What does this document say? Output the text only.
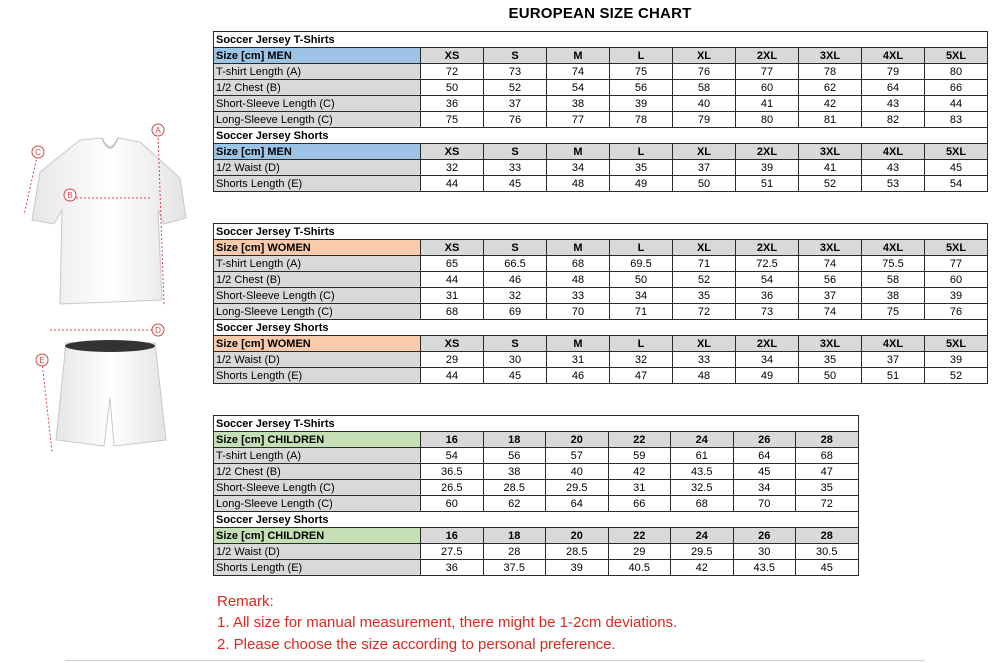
EUROPEAN SIZE CHART
C
A
B
D
E
Soccer Jersey T-Shirts									
Size [cm] MEN	XS	S	M	L	XL	2XL	3XL	4XL	5XL
T-shirt Length (A)	72	73	74	75	76	77	78	79	80
1/2 Chest (B)	50	52	54	56	58	60	62	64	66
Short-Sleeve Length (C)	36	37	38	39	40	41	42	43	44
Long-Sleeve Length (C)	75	76	77	78	79	80	81	82	83
Soccer Jersey Shorts									
Size [cm] MEN	XS	S	M	L	XL	2XL	3XL	4XL	5XL
1/2 Waist (D)	32	33	34	35	37	39	41	43	45
Shorts Length (E)	44	45	48	49	50	51	52	53	54
Soccer Jersey T-Shirts									
Size [cm] WOMEN	XS	S	M	L	XL	2XL	3XL	4XL	5XL
T-shirt Length (A)	65	66.5	68	69.5	71	72.5	74	75.5	77
1/2 Chest (B)	44	46	48	50	52	54	56	58	60
Short-Sleeve Length (C)	31	32	33	34	35	36	37	38	39
Long-Sleeve Length (C)	68	69	70	71	72	73	74	75	76
Soccer Jersey Shorts									
Size [cm] WOMEN	XS	S	M	L	XL	2XL	3XL	4XL	5XL
1/2 Waist (D)	29	30	31	32	33	34	35	37	39
Shorts Length (E)	44	45	46	47	48	49	50	51	52
Soccer Jersey T-Shirts							
Size [cm] CHILDREN	16	18	20	22	24	26	28
T-shirt Length (A)	54	56	57	59	61	64	68
1/2 Chest (B)	36.5	38	40	42	43.5	45	47
Short-Sleeve Length (C)	26.5	28.5	29.5	31	32.5	34	35
Long-Sleeve Length (C)	60	62	64	66	68	70	72
Soccer Jersey Shorts							
Size [cm] CHILDREN	16	18	20	22	24	26	28
1/2 Waist (D)	27.5	28	28.5	29	29.5	30	30.5
Shorts Length (E)	36	37.5	39	40.5	42	43.5	45
Remark:
1. All size for manual measurement, there might be 1-2cm deviations.
2. Please choose the size according to personal preference.
